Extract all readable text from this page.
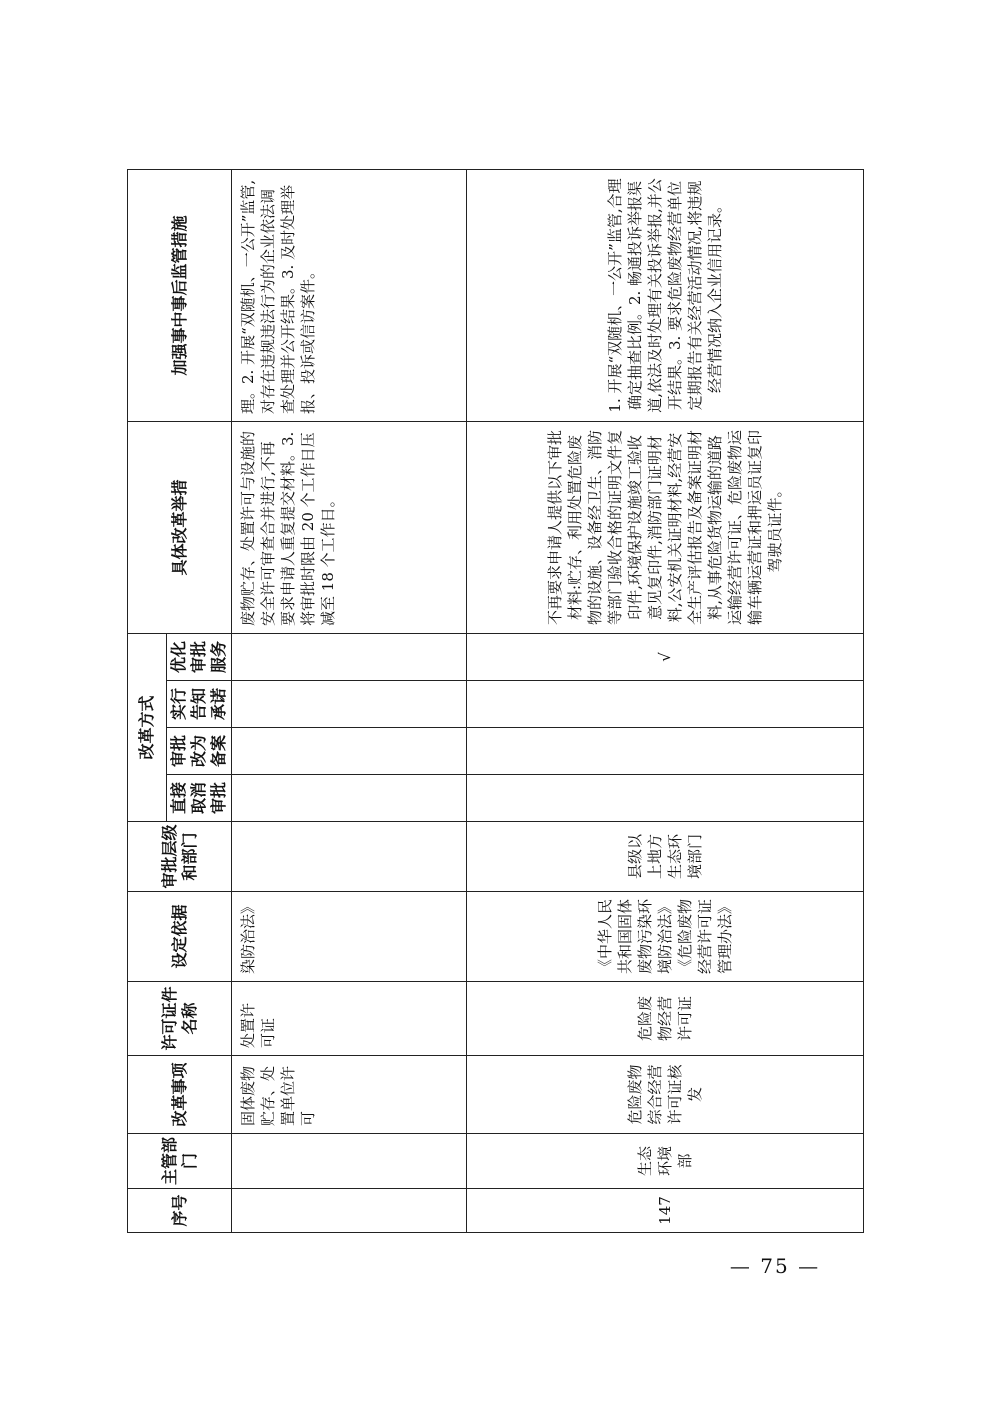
序号	主管部门	改革事项	许可证件名称	设定依据	审批层级和部门	改革方式				具体改革举措	加强事中事后监管措施
						直接取消审批	审批改为备案	实行告知承诺	优化审批服务		
		固体废物贮存、处置单位许可	处置许可证	染防治法》						废物贮存、处置许可与设施的安全许可审查合并进行,不再要求申请人重复提交材料。3. 将审批时限由 20 个工作日压减至 18 个工作日。	理。2. 开展“双随机、一公开”监管,对存在违规违法行为的企业依法调查处理并公开结果。3. 及时处理举报、投诉或信访案件。
147	生态环境部	危险废物综合经营许可证核发	危险废物经营许可证	《中华人民共和国固体废物污染环境防治法》《危险废物经营许可证管理办法》	县级以上地方生态环境部门				√	不再要求申请人提供以下审批材料:贮存、利用处置危险废物的设施、设备经卫生、消防等部门验收合格的证明文件复印件,环境保护设施竣工验收意见复印件,消防部门证明材料,公安机关证明材料,经营安全生产评估报告及备案证明材料,从事危险货物运输的道路运输经营许可证、危险废物运输车辆运营证和押运员证复印驾驶员证件。	1. 开展“双随机、一公开”监管,合理确定抽查比例。2. 畅通投诉举报渠道,依法及时处理有关投诉举报,并公开结果。3. 要求危险废物经营单位定期报告有关经营活动情况,将违规经营情况纳入企业信用记录。
— 75 —
